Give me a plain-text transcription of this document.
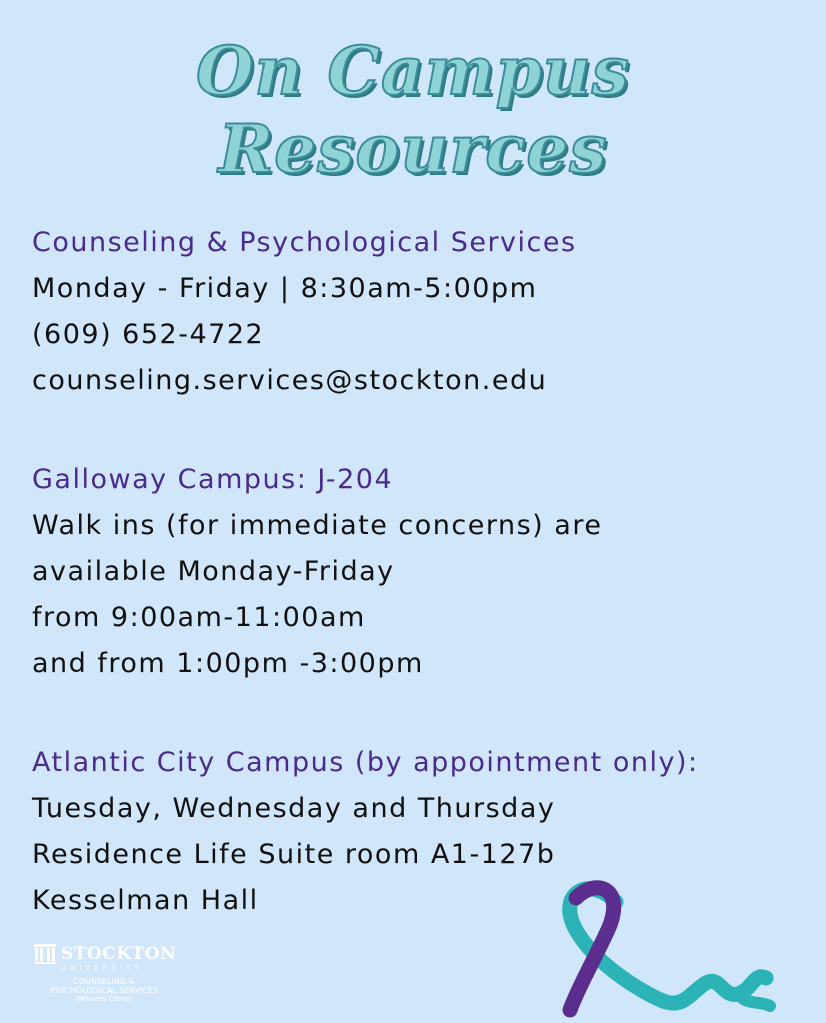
On Campus
Resources
Counseling & Psychological Services
Monday - Friday | 8:30am-5:00pm
(609) 652-4722
counseling.services@stockton.edu
Galloway Campus: J-204
Walk ins (for immediate concerns) are
available Monday-Friday
from 9:00am-11:00am
and from 1:00pm -3:00pm
Atlantic City Campus (by appointment only):
Tuesday, Wednesday and Thursday
Residence Life Suite room A1-127b
Kesselman Hall
STOCKTON
UNIVERSITY
COUNSELING &
PSYCHOLOGICAL SERVICES
Wellness Center
